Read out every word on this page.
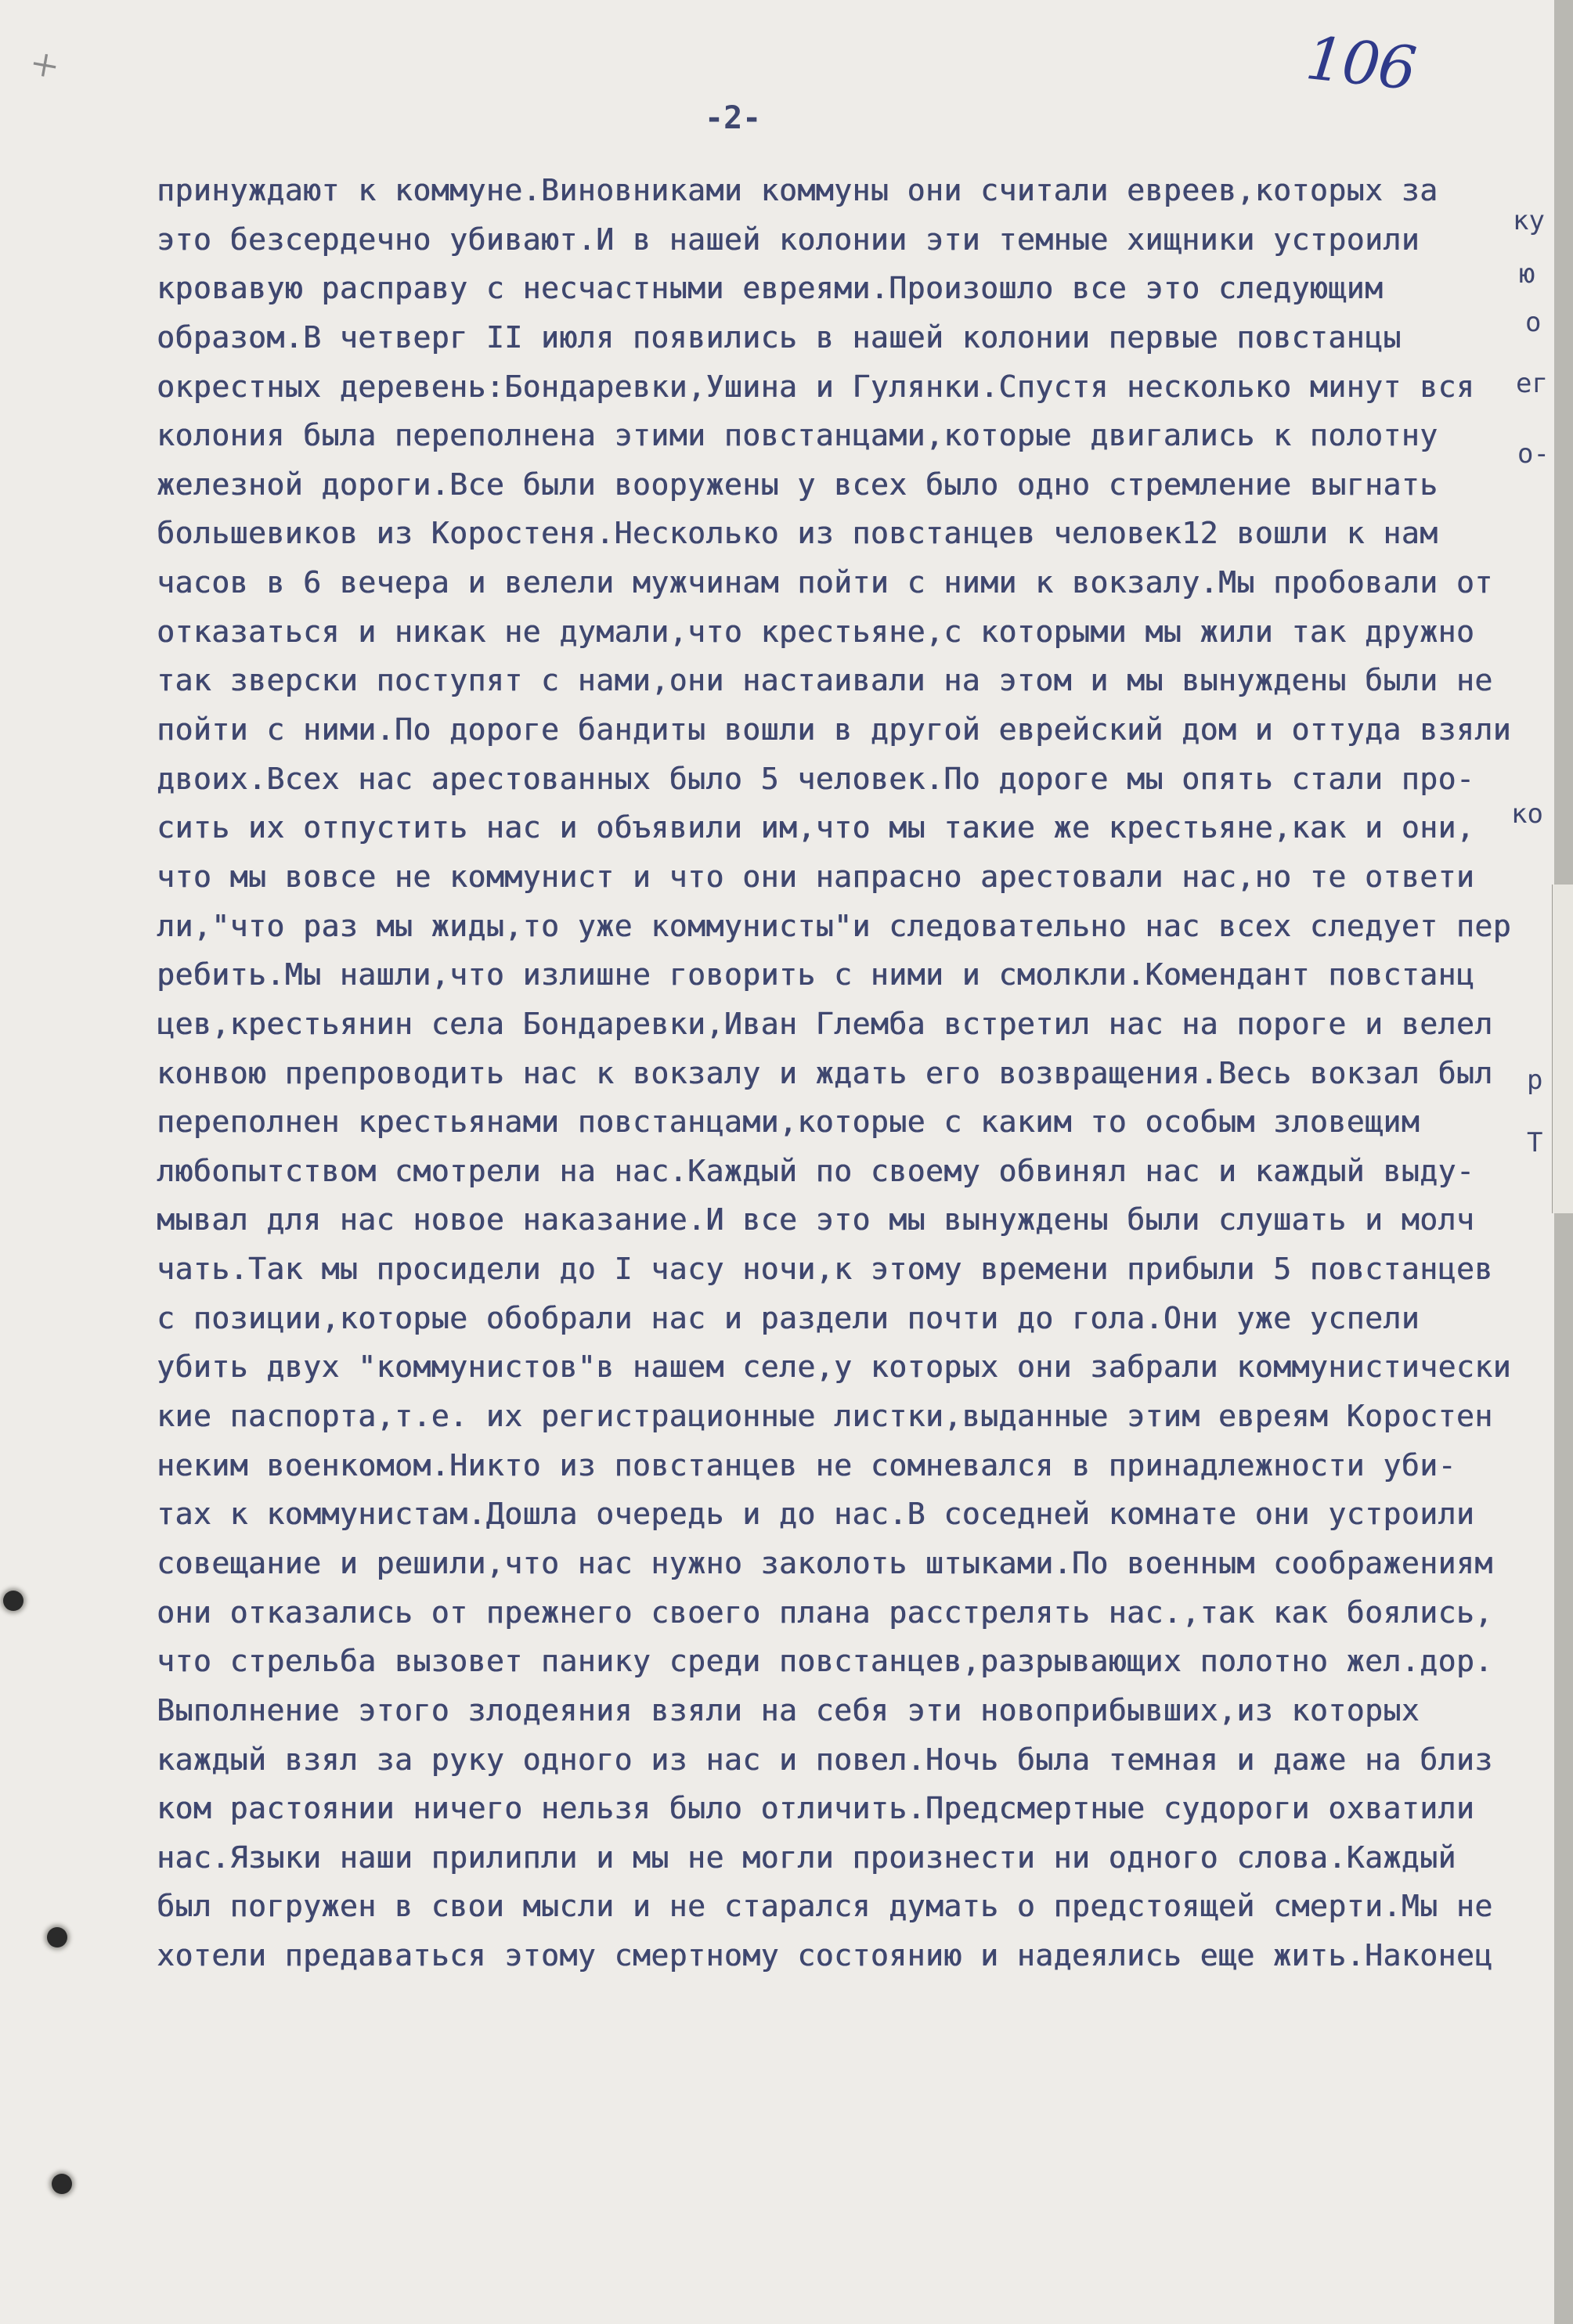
×	106
-2-
принуждают к коммуне.Виновниками коммуны они считали евреев,которых за
это безсердечно убивают.И в нашей колонии эти темные хищники устроили
кровавую расправу с несчастными евреями.Произошло все это следующим
образом.В четверг II июля появились в нашей колонии первые повстанцы
окрестных деревень:Бондаревки,Ушина и Гулянки.Спустя несколько минут вся
колония была переполнена этими повстанцами,которые двигались к полотну
железной дороги.Все были вооружены у всех было одно стремление выгнать
большевиков из Коростеня.Несколько из повстанцев человек12 вошли к нам
часов в 6 вечера и велели мужчинам пойти с ними к вокзалу.Мы пробовали от
отказаться и никак не думали,что крестьяне,с которыми мы жили так дружно
так зверски поступят с нами,они настаивали на этом и мы вынуждены были не
пойти с ними.По дороге бандиты вошли в другой еврейский дом и оттуда взяли
двоих.Всех нас арестованных было 5 человек.По дороге мы опять стали про-
сить их отпустить нас и объявили им,что мы такие же крестьяне,как и они,
что мы вовсе не коммунист и что они напрасно арестовали нас,но те ответи
ли,"что раз мы жиды,то уже коммунисты"и следовательно нас всех следует пер
ребить.Мы нашли,что излишне говорить с ними и смолкли.Комендант повстанц
цев,крестьянин села Бондаревки,Иван Глемба встретил нас на пороге и велел
конвою препроводить нас к вокзалу и ждать его возвращения.Весь вокзал был
переполнен крестьянами повстанцами,которые с каким то особым зловещим
любопытством смотрели на нас.Каждый по своему обвинял нас и каждый выду-
мывал для нас новое наказание.И все это мы вынуждены были слушать и молч
чать.Так мы просидели до I часу ночи,к этому времени прибыли 5 повстанцев
с позиции,которые обобрали нас и раздели почти до гола.Они уже успели
убить двух "коммунистов"в нашем селе,у которых они забрали коммунистически
кие паспорта,т.е. их регистрационные листки,выданные этим евреям Коростен
неким военкомом.Никто из повстанцев не сомневался в принадлежности уби-
тах к коммунистам.Дошла очередь и до нас.В соседней комнате они устроили
совещание и решили,что нас нужно заколоть штыками.По военным соображениям
они отказались от прежнего своего плана расстрелять нас.,так как боялись,
что стрельба вызовет панику среди повстанцев,разрывающих полотно жел.дор.
Выполнение этого злодеяния взяли на себя эти новоприбывших,из которых
каждый взял за руку одного из нас и повел.Ночь была темная и даже на близ
ком растоянии ничего нельзя было отличить.Предсмертные судороги охватили
нас.Языки наши прилипли и мы не могли произнести ни одного слова.Каждый
был погружен в свои мысли и не старался думать о предстоящей смерти.Мы не
хотели предаваться этому смертному состоянию и надеялись еще жить.Наконец
ку
ю
о
ко
ег
о-
р
Т
